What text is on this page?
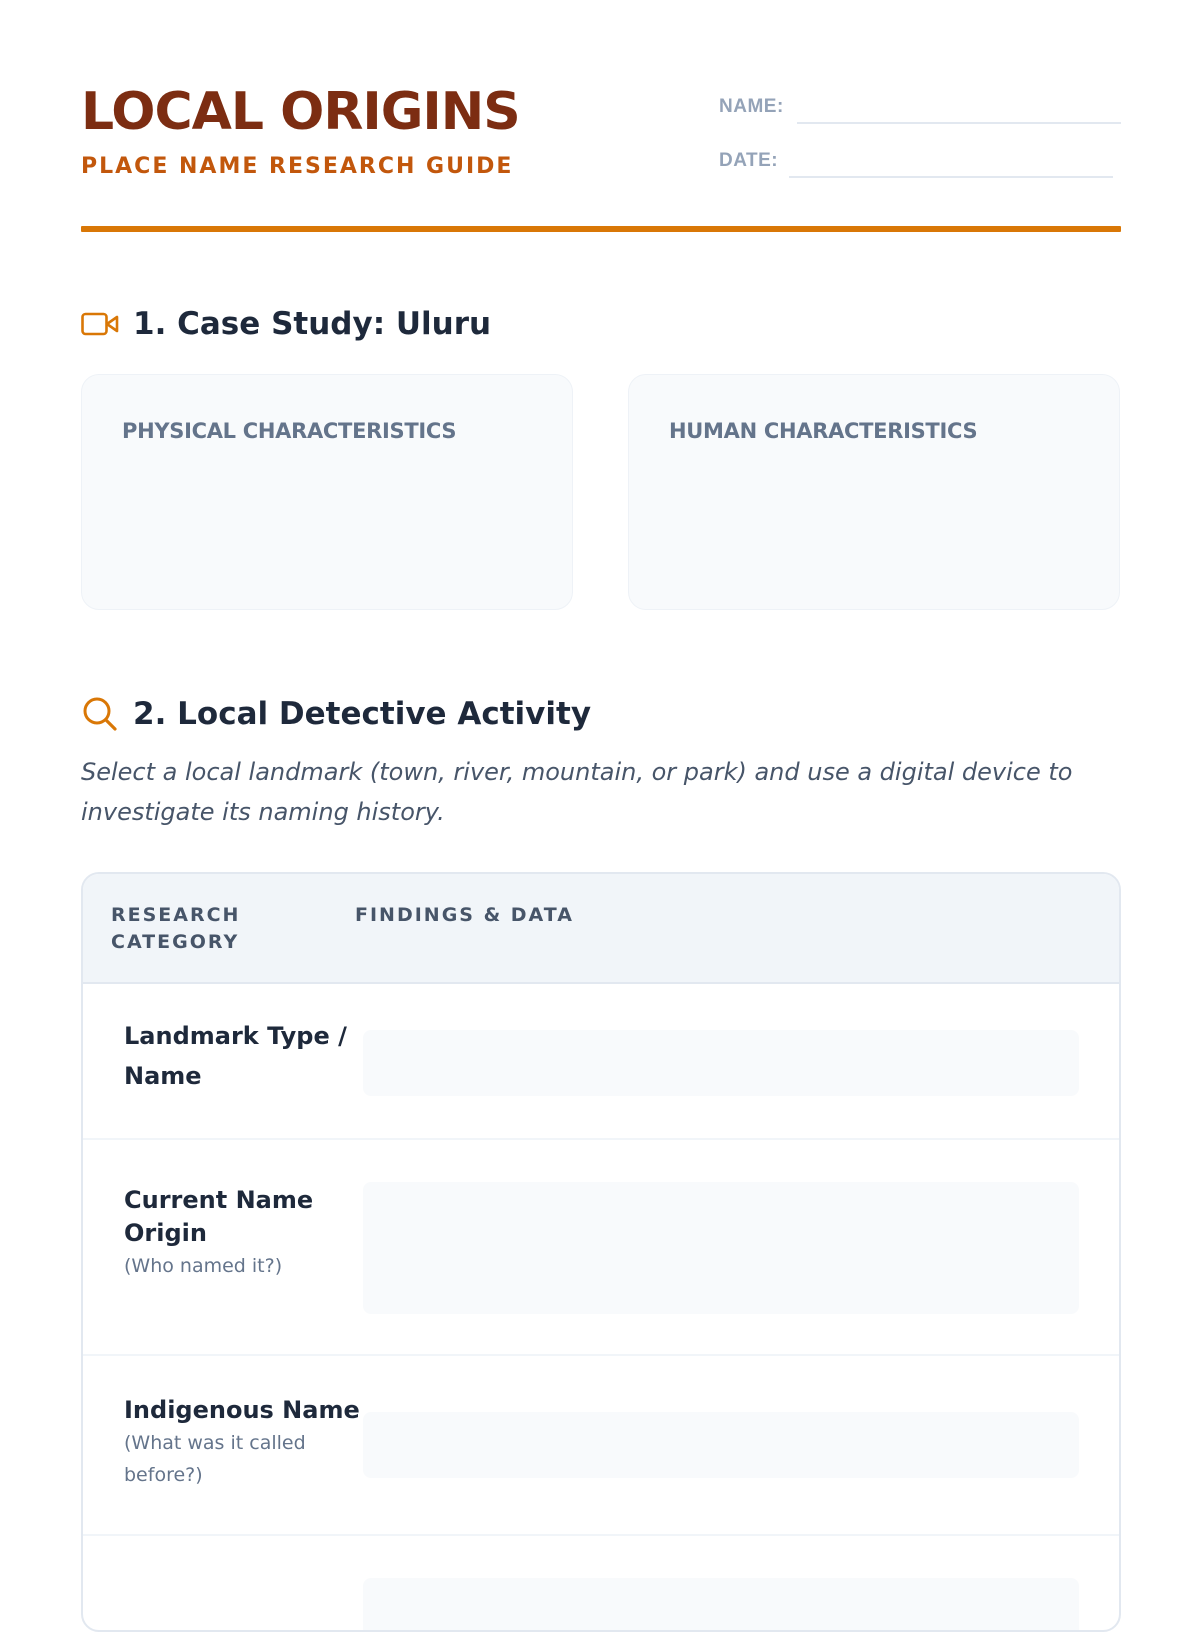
LOCAL ORIGINS
PLACE NAME RESEARCH GUIDE
NAME:
DATE:
1. Case Study: Uluru
PHYSICAL CHARACTERISTICS	HUMAN CHARACTERISTICS
2. Local Detective Activity

Select a local landmark (town, river, mountain, or park) and use a digital device to investigate its naming history.

RESEARCH CATEGORY
FINDINGS & DATA
Landmark Type / Name
Current Name Origin
(Who named it?)
Indigenous Name
(What was it called before?)
